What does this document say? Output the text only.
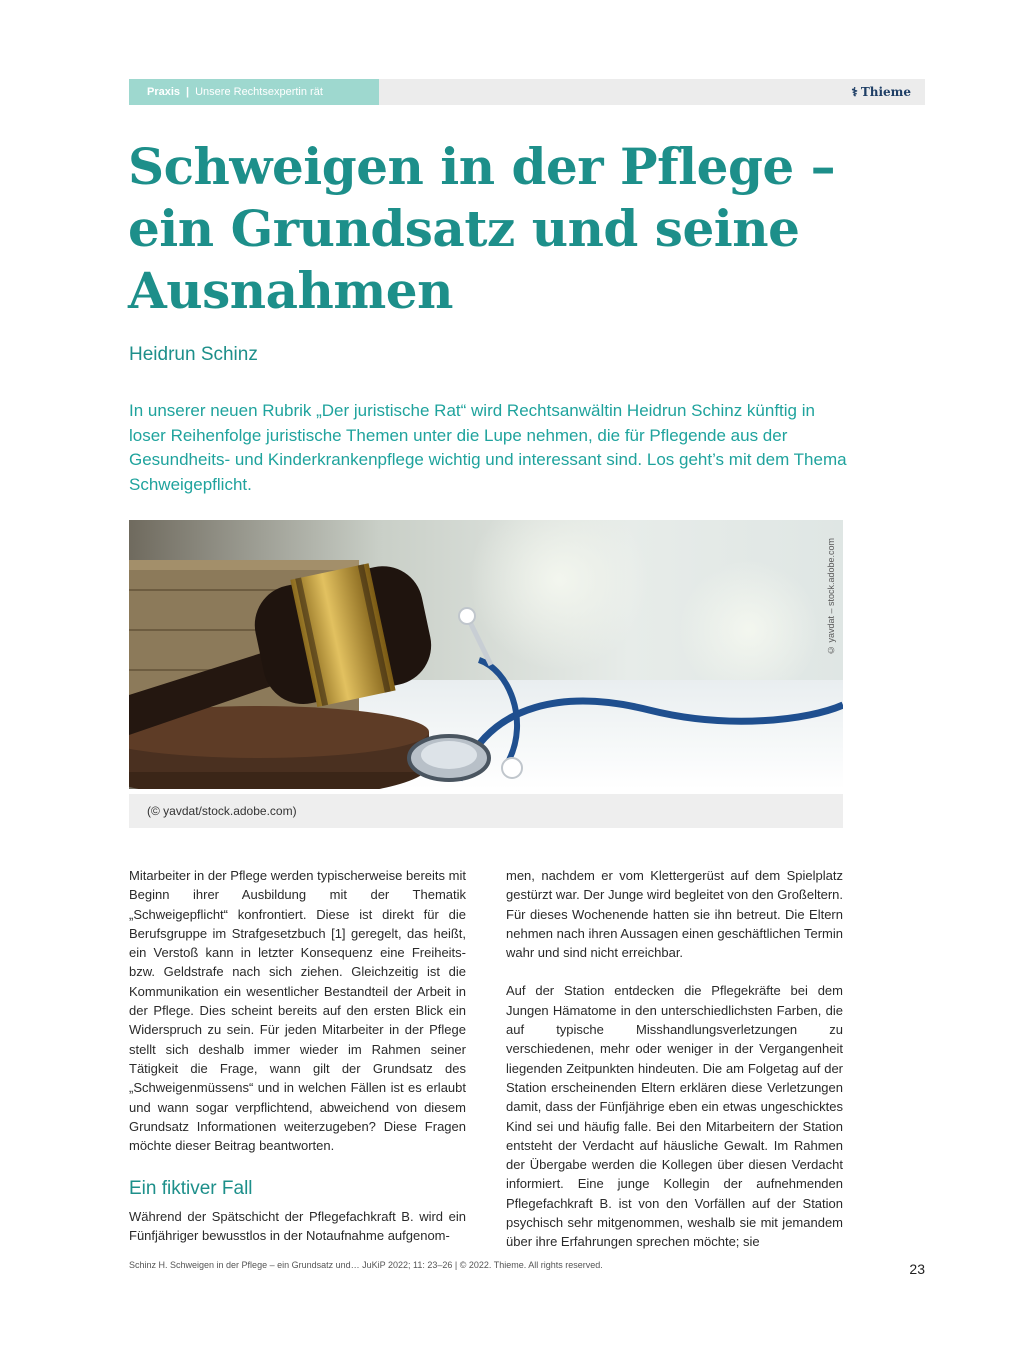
Praxis | Unsere Rechtsexpertin rät	⚕ Thieme
Schweigen in der Pflege – ein Grundsatz und seine Ausnahmen
Heidrun Schinz

In unserer neuen Rubrik „Der juristische Rat“ wird Rechtsanwältin Heidrun Schinz künftig in loser Reihenfolge juristische Themen unter die Lupe nehmen, die für Pflegende aus der Gesundheits- und Kinderkrankenpflege wichtig und interessant sind. Los geht’s mit dem Thema Schweigepflicht.

© yavdat – stock.adobe.com
(© yavdat/stock.adobe.com)

Mitarbeiter in der Pflege werden typischerweise bereits mit Beginn ihrer Ausbildung mit der Thematik „Schweigepflicht“ konfrontiert. Diese ist direkt für die Berufsgruppe im Strafgesetzbuch [1] geregelt, das heißt, ein Verstoß kann in letzter Konsequenz eine Freiheits- bzw. Geldstrafe nach sich ziehen. Gleichzeitig ist die Kommunikation ein wesentlicher Bestandteil der Arbeit in der Pflege. Dies scheint bereits auf den ersten Blick ein Widerspruch zu sein. Für jeden Mitarbeiter in der Pflege stellt sich deshalb immer wieder im Rahmen seiner Tätigkeit die Frage, wann gilt der Grundsatz des „Schweigenmüssens“ und in welchen Fällen ist es erlaubt und wann sogar verpflichtend, abweichend von diesem Grundsatz Informationen weiterzugeben? Diese Fragen möchte dieser Beitrag beantworten.

Ein fiktiver Fall

Während der Spätschicht der Pflegefachkraft B. wird ein Fünfjähriger bewusstlos in der Notaufnahme aufgenom-

men, nachdem er vom Klettergerüst auf dem Spielplatz gestürzt war. Der Junge wird begleitet von den Großeltern. Für dieses Wochenende hatten sie ihn betreut. Die Eltern nehmen nach ihren Aussagen einen geschäftlichen Termin wahr und sind nicht erreichbar.

Auf der Station entdecken die Pflegekräfte bei dem Jungen Hämatome in den unterschiedlichsten Farben, die auf typische Misshandlungsverletzungen zu verschiedenen, mehr oder weniger in der Vergangenheit liegenden Zeitpunkten hindeuten. Die am Folgetag auf der Station erscheinenden Eltern erklären diese Verletzungen damit, dass der Fünfjährige eben ein etwas ungeschicktes Kind sei und häufig falle. Bei den Mitarbeitern der Station entsteht der Verdacht auf häusliche Gewalt. Im Rahmen der Übergabe werden die Kollegen über diesen Verdacht informiert. Eine junge Kollegin der aufnehmenden Pflegefachkraft B. ist von den Vorfällen auf der Station psychisch sehr mitgenommen, weshalb sie mit jemandem über ihre Erfahrungen sprechen möchte; sie

Schinz H. Schweigen in der Pflege – ein Grundsatz und… JuKiP 2022; 11: 23–26 | © 2022. Thieme. All rights reserved.	23
